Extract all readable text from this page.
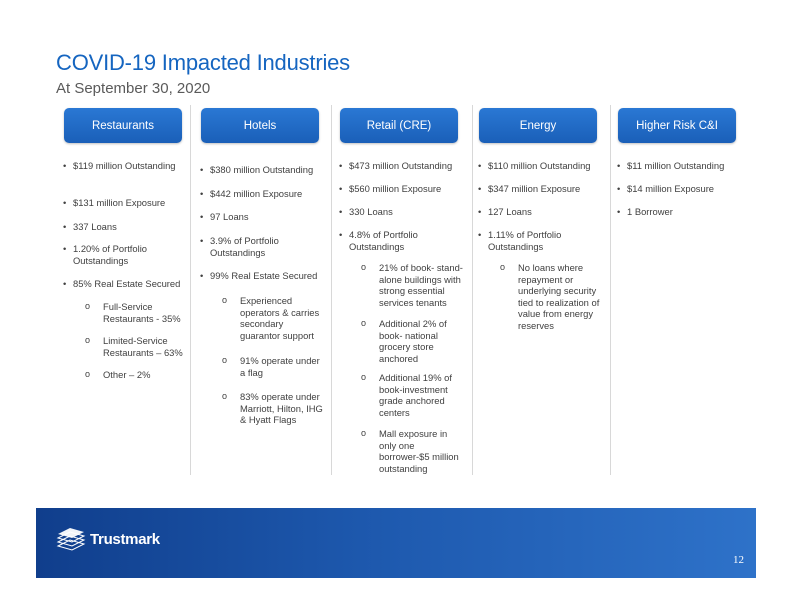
COVID-19 Impacted Industries
At September 30, 2020
Restaurants
• $119 million Outstanding
• $131 million Exposure
• 337 Loans
• 1.20% of Portfolio Outstandings
• 85% Real Estate Secured
o	Full-Service Restaurants - 35%
o	Limited-Service Restaurants – 63%
o	Other – 2%
Hotels
• $380 million Outstanding
• $442 million Exposure
• 97 Loans
• 3.9% of Portfolio Outstandings
• 99% Real Estate Secured
o	Experienced operators & carries secondary guarantor support
o	91% operate under a flag
o	83% operate under Marriott, Hilton, IHG & Hyatt Flags
Retail (CRE)
• $473 million Outstanding
• $560 million Exposure
• 330 Loans
• 4.8% of Portfolio Outstandings
o	21% of book- stand-alone buildings with strong essential services tenants
o	Additional 2% of book- national grocery store anchored
o	Additional 19% of book-investment grade anchored centers
o	Mall exposure in only one borrower-$5 million outstanding
Energy
• $110 million Outstanding
• $347 million Exposure
• 127 Loans
• 1.11% of Portfolio Outstandings
o	No loans where repayment or underlying security tied to realization of value from energy reserves
Higher Risk C&I
• $11 million Outstanding
• $14 million Exposure
• 1 Borrower
Trustmark
12
